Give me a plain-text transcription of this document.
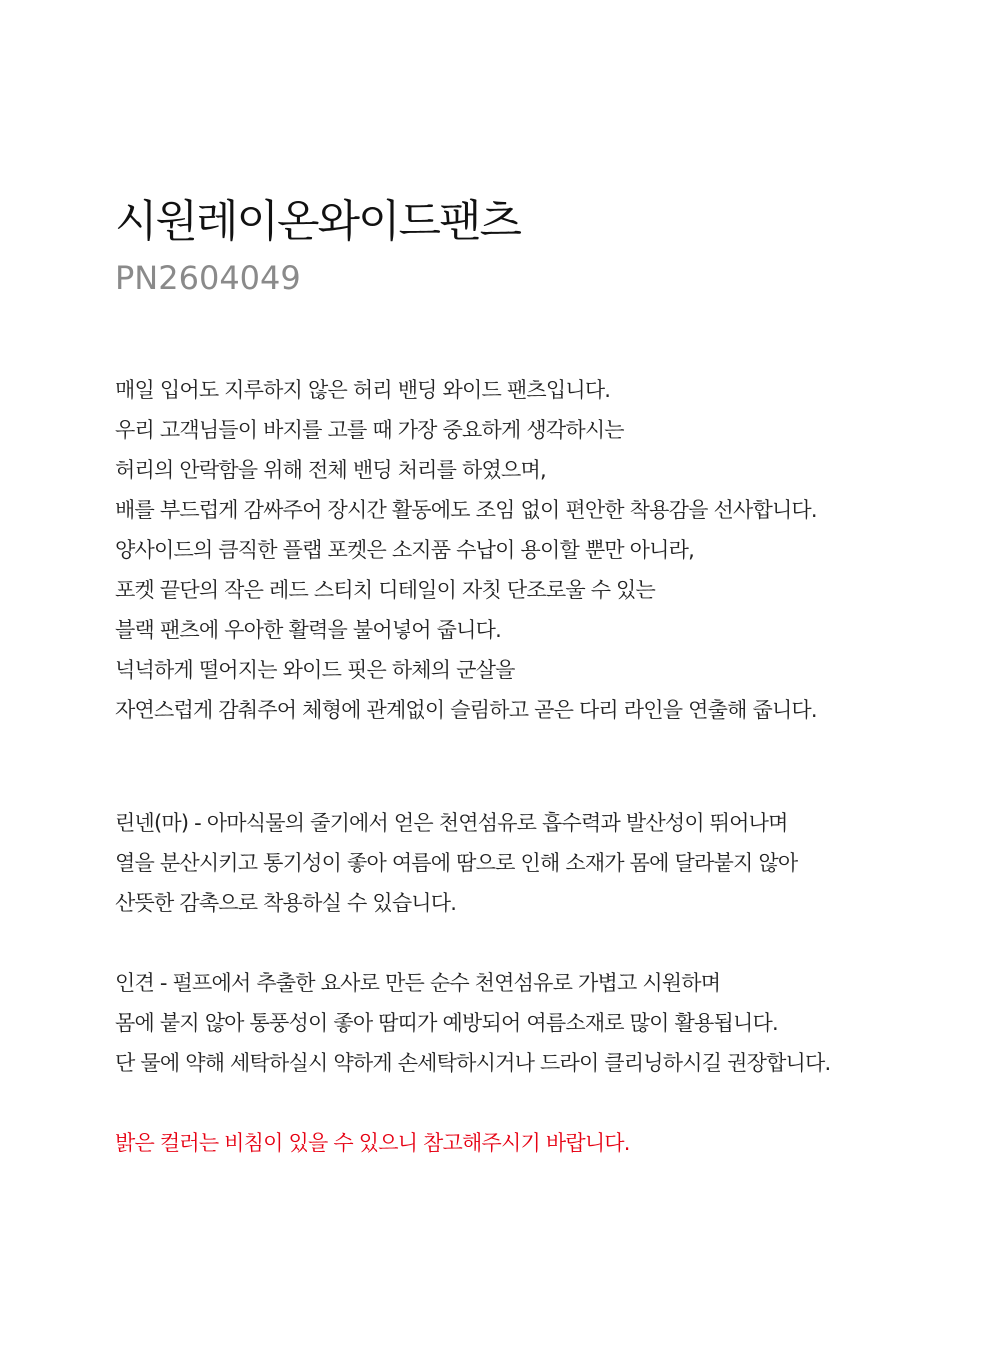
시원레이온와이드팬츠
PN2604049
매일 입어도 지루하지 않은 허리 밴딩 와이드 팬츠입니다.
우리 고객님들이 바지를 고를 때 가장 중요하게 생각하시는
허리의 안락함을 위해 전체 밴딩 처리를 하였으며,
배를 부드럽게 감싸주어 장시간 활동에도 조임 없이 편안한 착용감을 선사합니다.
양사이드의 큼직한 플랩 포켓은 소지품 수납이 용이할 뿐만 아니라,
포켓 끝단의 작은 레드 스티치 디테일이 자칫 단조로울 수 있는
블랙 팬츠에 우아한 활력을 불어넣어 줍니다.
넉넉하게 떨어지는 와이드 핏은 하체의 군살을
자연스럽게 감춰주어 체형에 관계없이 슬림하고 곧은 다리 라인을 연출해 줍니다.
린넨(마) - 아마식물의 줄기에서 얻은 천연섬유로 흡수력과 발산성이 뛰어나며
열을 분산시키고 통기성이 좋아 여름에 땀으로 인해 소재가 몸에 달라붙지 않아
산뜻한 감촉으로 착용하실 수 있습니다.
인견 - 펄프에서 추출한 요사로 만든 순수 천연섬유로 가볍고 시원하며
몸에 붙지 않아 통풍성이 좋아 땀띠가 예방되어 여름소재로 많이 활용됩니다.
단 물에 약해 세탁하실시 약하게 손세탁하시거나 드라이 클리닝하시길 권장합니다.
밝은 컬러는 비침이 있을 수 있으니 참고해주시기 바랍니다.
